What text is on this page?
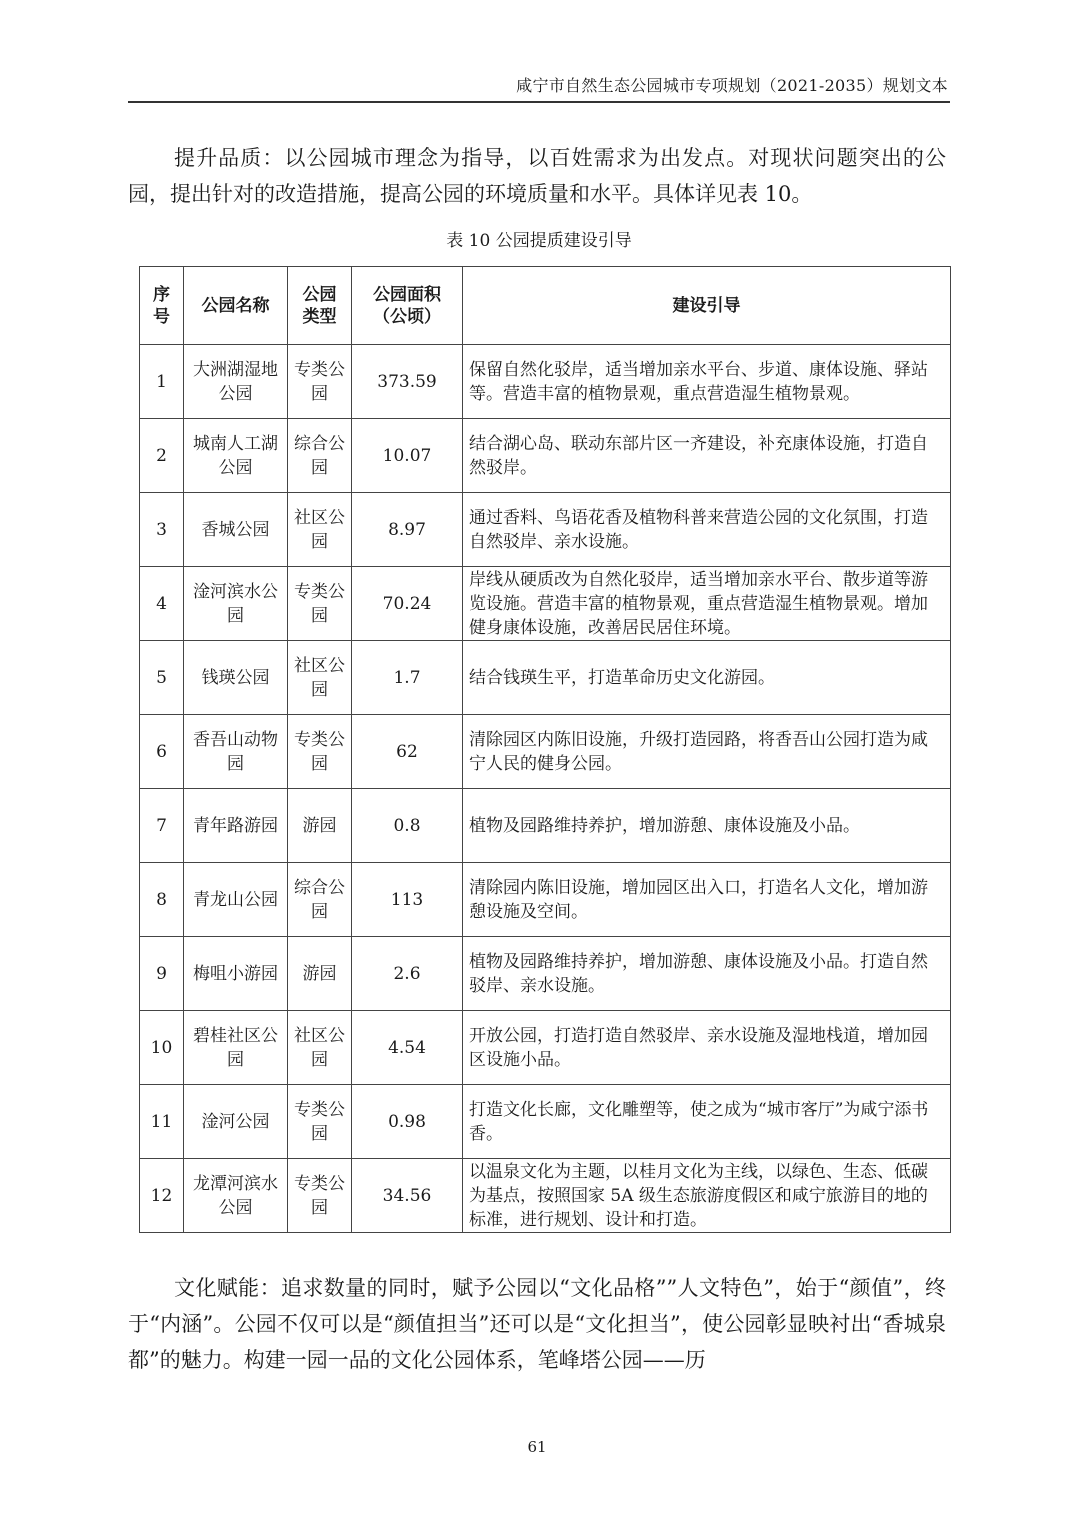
咸宁市自然生态公园城市专项规划（2021-2035）规划文本

提升品质：以公园城市理念为指导，以百姓需求为出发点。对现状问题突出的公园，提出针对的改造措施，提高公园的环境质量和水平。具体详见表 10。

表 10 公园提质建设引导
序号	公园名称	公园类型	公园面积（公顷）	建设引导
1	大洲湖湿地公园	专类公园	373.59	保留自然化驳岸，适当增加亲水平台、步道、康体设施、驿站等。营造丰富的植物景观，重点营造湿生植物景观。
2	城南人工湖公园	综合公园	10.07	结合湖心岛、联动东部片区一齐建设，补充康体设施，打造自然驳岸。
3	香城公园	社区公园	8.97	通过香料、鸟语花香及植物科普来营造公园的文化氛围，打造自然驳岸、亲水设施。
4	淦河滨水公园	专类公园	70.24	岸线从硬质改为自然化驳岸，适当增加亲水平台、散步道等游览设施。营造丰富的植物景观，重点营造湿生植物景观。增加健身康体设施，改善居民居住环境。
5	钱瑛公园	社区公园	1.7	结合钱瑛生平，打造革命历史文化游园。
6	香吾山动物园	专类公园	62	清除园区内陈旧设施，升级打造园路，将香吾山公园打造为咸宁人民的健身公园。
7	青年路游园	游园	0.8	植物及园路维持养护，增加游憩、康体设施及小品。
8	青龙山公园	综合公园	113	清除园内陈旧设施，增加园区出入口，打造名人文化，增加游憩设施及空间。
9	梅咀小游园	游园	2.6	植物及园路维持养护，增加游憩、康体设施及小品。打造自然驳岸、亲水设施。
10	碧桂社区公园	社区公园	4.54	开放公园，打造打造自然驳岸、亲水设施及湿地栈道，增加园区设施小品。
11	淦河公园	专类公园	0.98	打造文化长廊，文化雕塑等，使之成为“城市客厅”为咸宁添书香。
12	龙潭河滨水公园	专类公园	34.56	以温泉文化为主题，以桂月文化为主线，以绿色、生态、低碳为基点，按照国家 5A 级生态旅游度假区和咸宁旅游目的地的标准，进行规划、设计和打造。

文化赋能：追求数量的同时，赋予公园以“文化品格””人文特色”，始于“颜值”，终于“内涵”。公园不仅可以是“颜值担当”还可以是“文化担当”，使公园彰显映衬出“香城泉都”的魅力。构建一园一品的文化公园体系，笔峰塔公园——历

61
